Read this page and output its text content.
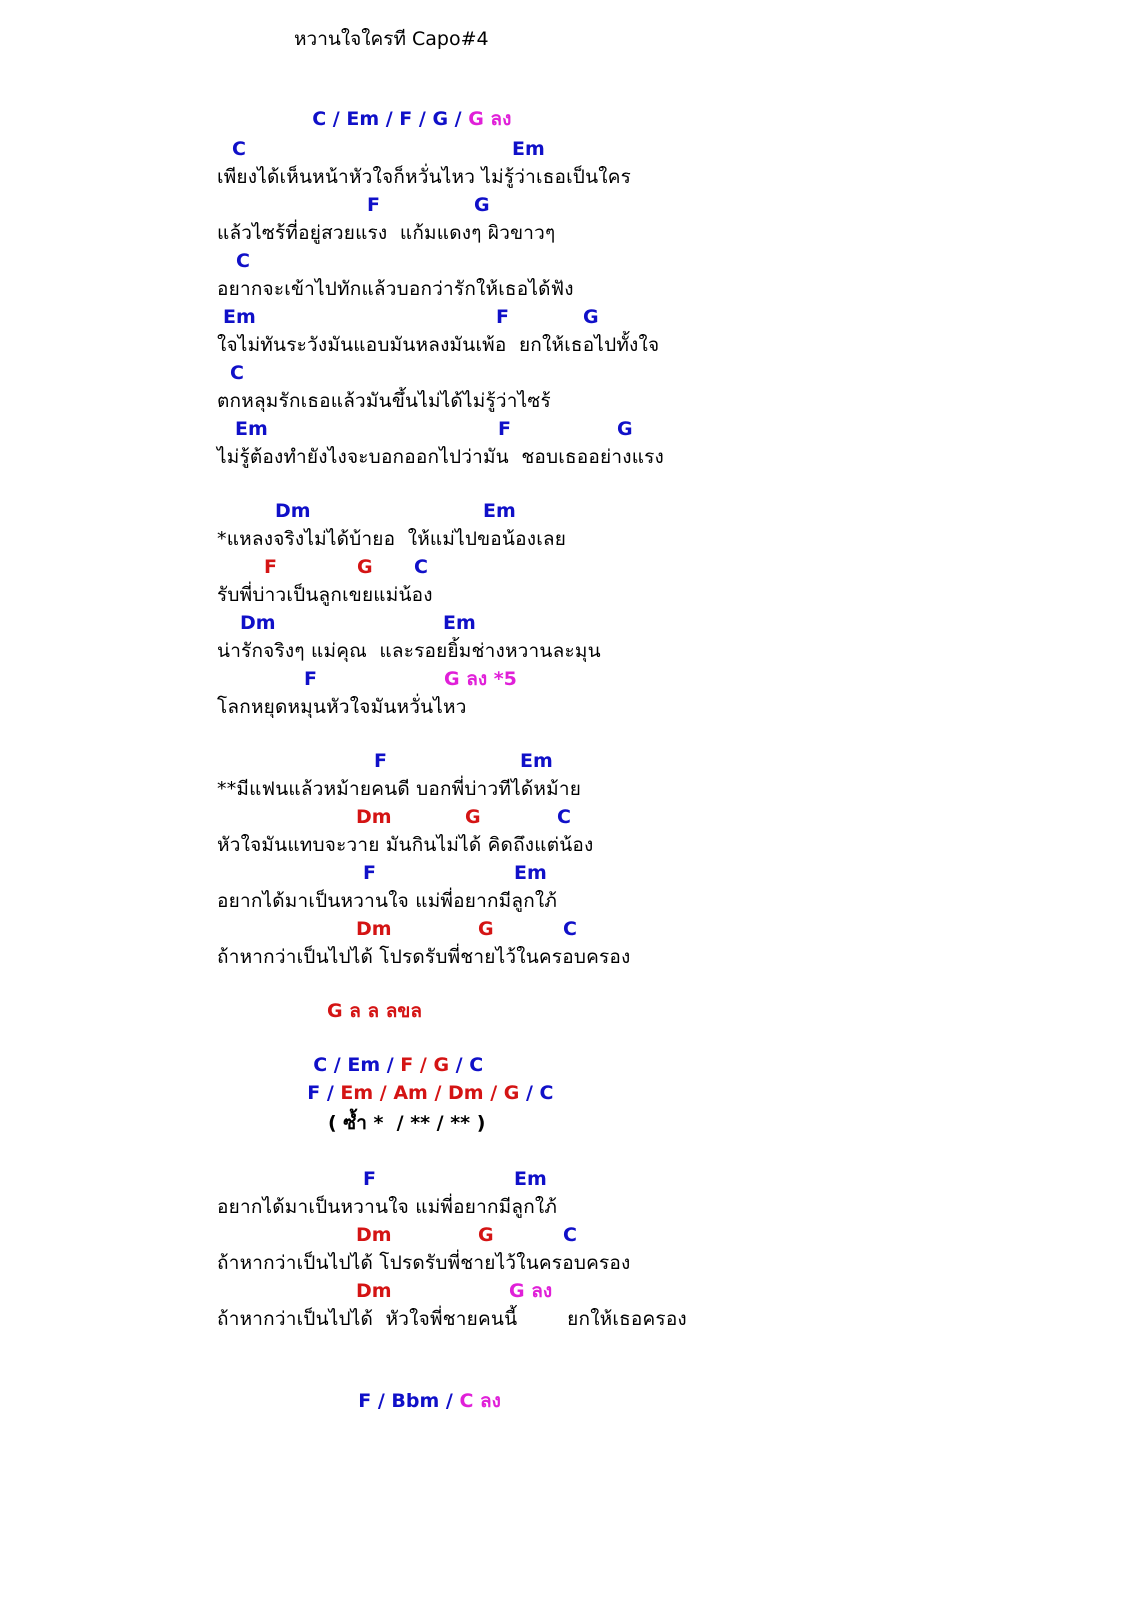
หวานใจใครที Capo#4

C / Em / F / G / G ลง

C	Em
เพียงได้เห็นหน้าหัวใจก็หวั่นไหว ไม่รู้ว่าเธอเป็นใคร
F	G
แล้วไซร้ที่อยู่สวยแรง  แก้มแดงๆ ผิวขาวๆ
C
อยากจะเข้าไปทักแล้วบอกว่ารักให้เธอได้ฟัง
Em	F	G
ใจไม่ทันระวังมันแอบมันหลงมันเพ้อ  ยกให้เธอไปทั้งใจ
C
ตกหลุมรักเธอแล้วมันขึ้นไม่ได้ไม่รู้ว่าไซร้
Em	F	G
ไม่รู้ต้องทำยังไงจะบอกออกไปว่ามัน  ชอบเธออย่างแรง
Dm	Em
*แหลงจริงไม่ได้บ้ายอ  ให้แม่ไปขอน้องเลย
F	G C
รับพี่บ่าวเป็นลูกเขยแม่น้อง
Dm	Em
น่ารักจริงๆ แม่คุณ  และรอยยิ้มช่างหวานละมุน
F	G ลง *5
โลกหยุดหมุนหัวใจมันหวั่นไหว
F	Em
**มีแฟนแล้วหม้ายคนดี บอกพี่บ่าวทีได้หม้าย
Dm	G	C
หัวใจมันแทบจะวาย มันกินไม่ได้ คิดถึงแต่น้อง
F	Em
อยากได้มาเป็นหวานใจ แม่พี่อยากมีลูกใภ้
Dm	G	C
ถ้าหากว่าเป็นไปได้ โปรดรับพี่ชายไว้ในครอบครอง
G ล ล ลขล

C / Em / F / G / C

F / Em / Am / Dm / G / C

( ซ้ำ *  / ** / ** )
F	Em
อยากได้มาเป็นหวานใจ แม่พี่อยากมีลูกใภ้
Dm	G	C
ถ้าหากว่าเป็นไปได้ โปรดรับพี่ชายไว้ในครอบครอง
Dm	G ลง
ถ้าหากว่าเป็นไปได้  หัวใจพี่ชายคนนี้        ยกให้เธอครอง

F / Bbm / C ลง
